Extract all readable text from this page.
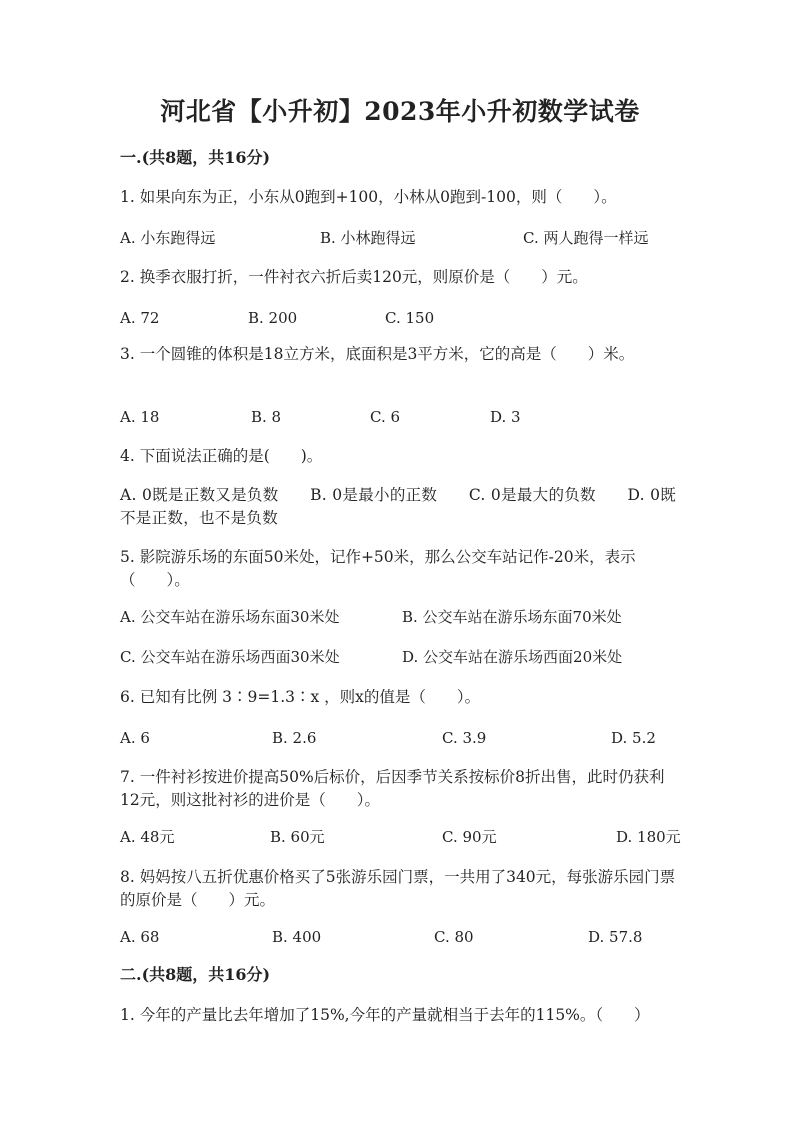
河北省【小升初】2023年小升初数学试卷
一.(共8题，共16分)
1. 如果向东为正，小东从0跑到+100，小林从0跑到-100，则（　　）。
A. 小东跑得远	B. 小林跑得远	C. 两人跑得一样远
2. 换季衣服打折，一件衬衣六折后卖120元，则原价是（　　）元。
A. 72	B. 200	C. 150
3. 一个圆锥的体积是18立方米，底面积是3平方米，它的高是（　　）米。
A. 18	B. 8	C. 6	D. 3
4. 下面说法正确的是(　　)。
A. 0既是正数又是负数　　B. 0是最小的正数　　C. 0是最大的负数　　D. 0既不是正数，也不是负数
5. 影院游乐场的东面50米处，记作+50米，那么公交车站记作-20米，表示（　　）。
A. 公交车站在游乐场东面30米处	B. 公交车站在游乐场东面70米处
C. 公交车站在游乐场西面30米处	D. 公交车站在游乐场西面20米处
6. 已知有比例 3∶9=1.3∶x ，则x的值是（　　）。
A. 6	B. 2.6	C. 3.9	D. 5.2
7. 一件衬衫按进价提高50%后标价，后因季节关系按标价8折出售，此时仍获利12元，则这批衬衫的进价是（　　）。
A. 48元	B. 60元	C. 90元	D. 180元
8. 妈妈按八五折优惠价格买了5张游乐园门票，一共用了340元，每张游乐园门票的原价是（　　）元。
A. 68	B. 400	C. 80	D. 57.8
二.(共8题，共16分)
1. 今年的产量比去年增加了15%,今年的产量就相当于去年的115%。（　　）
